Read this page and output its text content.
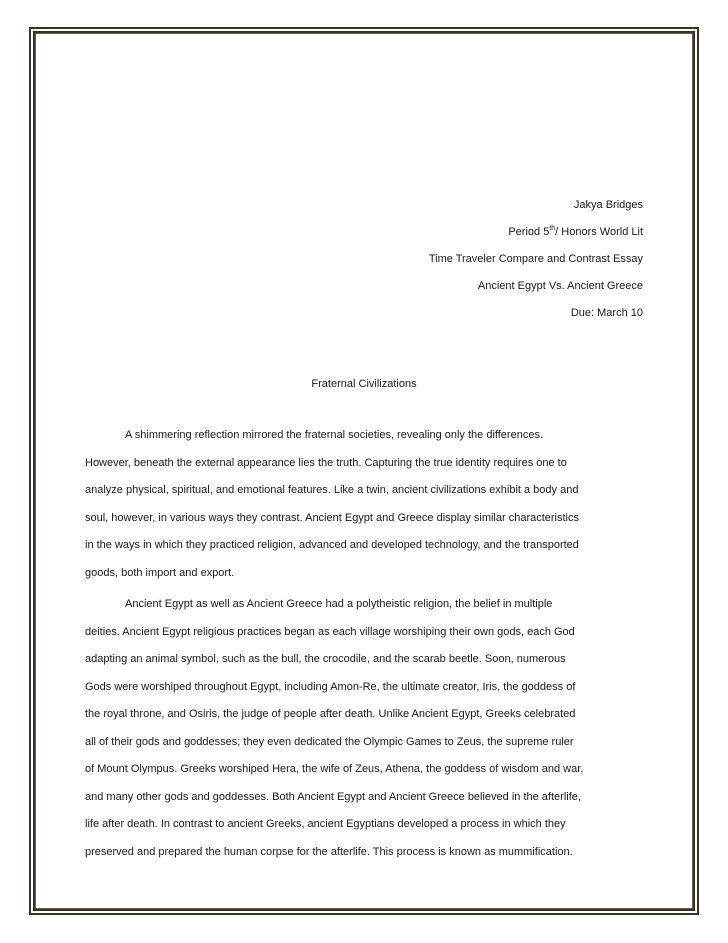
Jakya Bridges
Period 5th/ Honors World Lit
Time Traveler Compare and Contrast Essay
Ancient Egypt Vs. Ancient Greece
Due: March 10
Fraternal Civilizations
A shimmering reflection mirrored the fraternal societies, revealing only the differences.
However, beneath the external appearance lies the truth. Capturing the true identity requires one to
analyze physical, spiritual, and emotional features. Like a twin, ancient civilizations exhibit a body and
soul, however, in various ways they contrast. Ancient Egypt and Greece display similar characteristics
in the ways in which they practiced religion, advanced and developed technology, and the transported
goods, both import and export.
Ancient Egypt as well as Ancient Greece had a polytheistic religion, the belief in multiple
deities. Ancient Egypt religious practices began as each village worshiping their own gods, each God
adapting an animal symbol, such as the bull, the crocodile, and the scarab beetle. Soon, numerous
Gods were worshiped throughout Egypt, including Amon-Re, the ultimate creator, Iris, the goddess of
the royal throne, and Osiris, the judge of people after death. Unlike Ancient Egypt, Greeks celebrated
all of their gods and goddesses; they even dedicated the Olympic Games to Zeus, the supreme ruler
of Mount Olympus. Greeks worshiped Hera, the wife of Zeus, Athena, the goddess of wisdom and war,
and many other gods and goddesses. Both Ancient Egypt and Ancient Greece believed in the afterlife,
life after death. In contrast to ancient Greeks, ancient Egyptians developed a process in which they
preserved and prepared the human corpse for the afterlife. This process is known as mummification.
